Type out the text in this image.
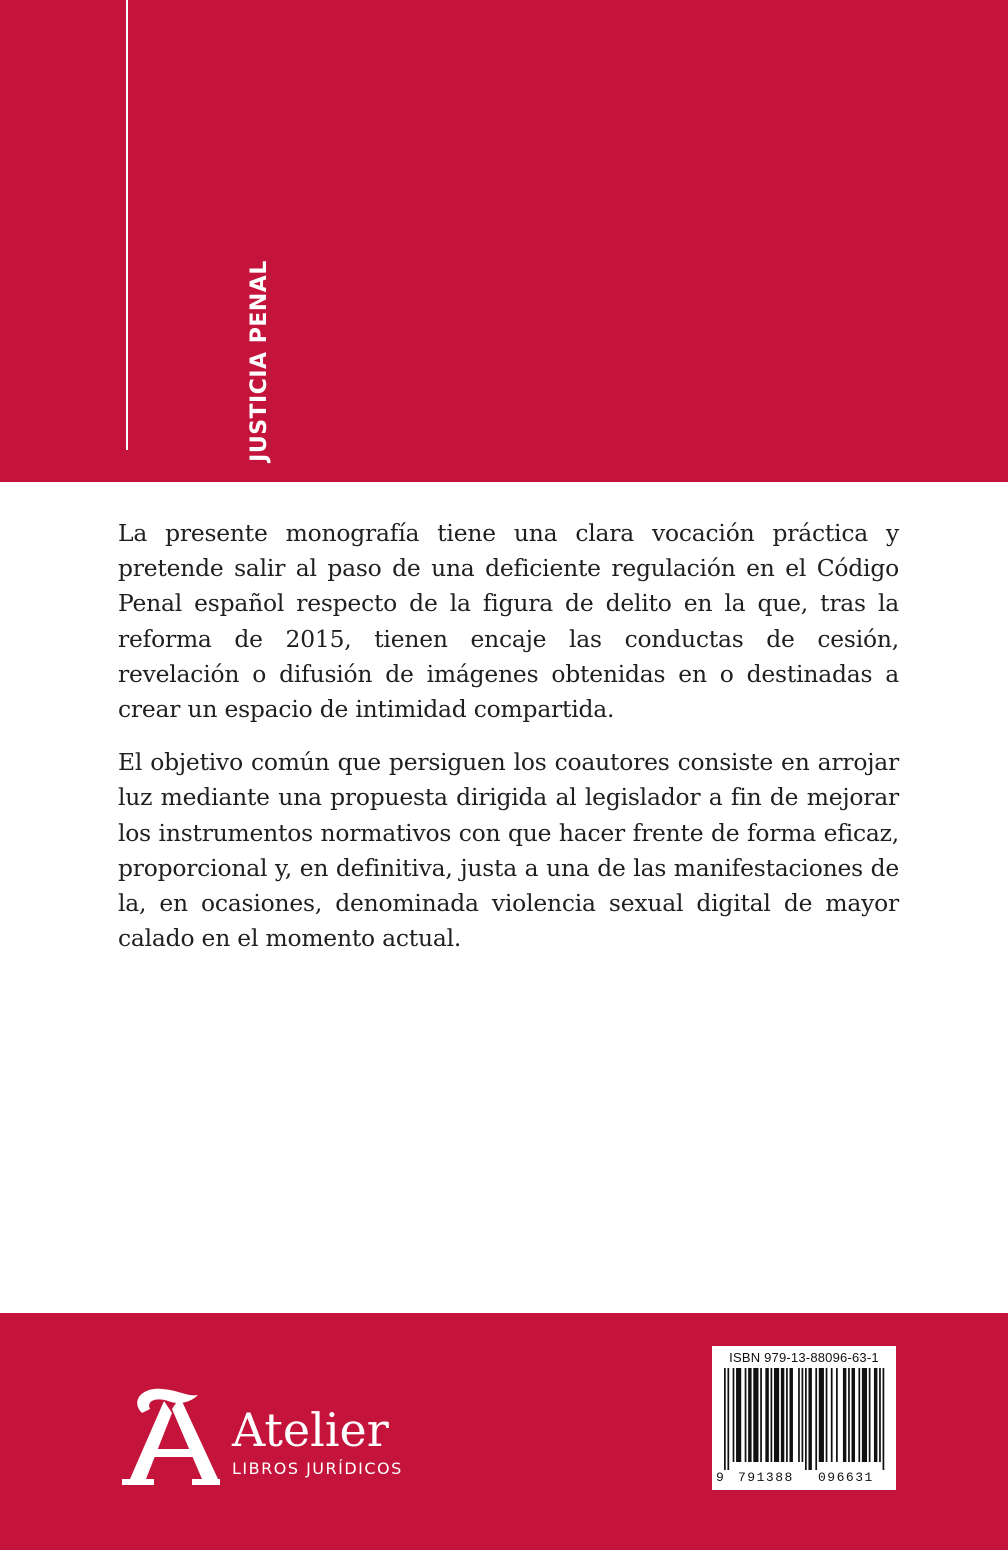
JUSTICIA PENAL

La presente monografía tiene una clara vocación práctica y pretende salir al paso de una deficiente regulación en el Código Penal español respecto de la figura de delito en la que, tras la reforma de 2015, tienen encaje las conductas de cesión, revelación o difusión de imágenes obtenidas en o destinadas a crear un espacio de intimidad compartida.

El objetivo común que persiguen los coautores consiste en arrojar luz mediante una propuesta dirigida al legislador a fin de mejorar los instrumentos normativos con que hacer frente de forma eficaz, proporcional y, en definitiva, justa a una de las manifestaciones de la, en ocasiones, denominada violencia sexual digital de mayor calado en el momento actual.

Atelier
LIBROS JURÍDICOS
ISBN 979-13-88096-63-1
9 791388 096631
